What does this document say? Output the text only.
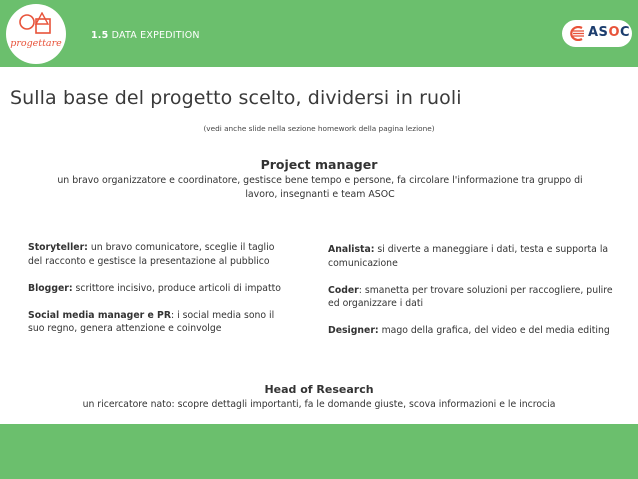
progettare
1.5 DATA EXPEDITION	ASOC
Sulla base del progetto scelto, dividersi in ruoli
(vedi anche slide nella sezione homework della pagina lezione)
Project manager
un bravo organizzatore e coordinatore, gestisce bene tempo e persone, fa circolare l'informazione tra gruppo di lavoro, insegnanti e team ASOC
Storyteller: un bravo comunicatore, sceglie il taglio del racconto e gestisce la presentazione al pubblico
Blogger: scrittore incisivo, produce articoli di impatto
Social media manager e PR: i social media sono il suo regno, genera attenzione e coinvolge
Analista: si diverte a maneggiare i dati, testa e supporta la comunicazione
Coder: smanetta per trovare soluzioni per raccogliere, pulire ed organizzare i dati
Designer: mago della grafica, del video e del media editing
Head of Research
un ricercatore nato: scopre dettagli importanti, fa le domande giuste, scova informazioni e le incrocia
